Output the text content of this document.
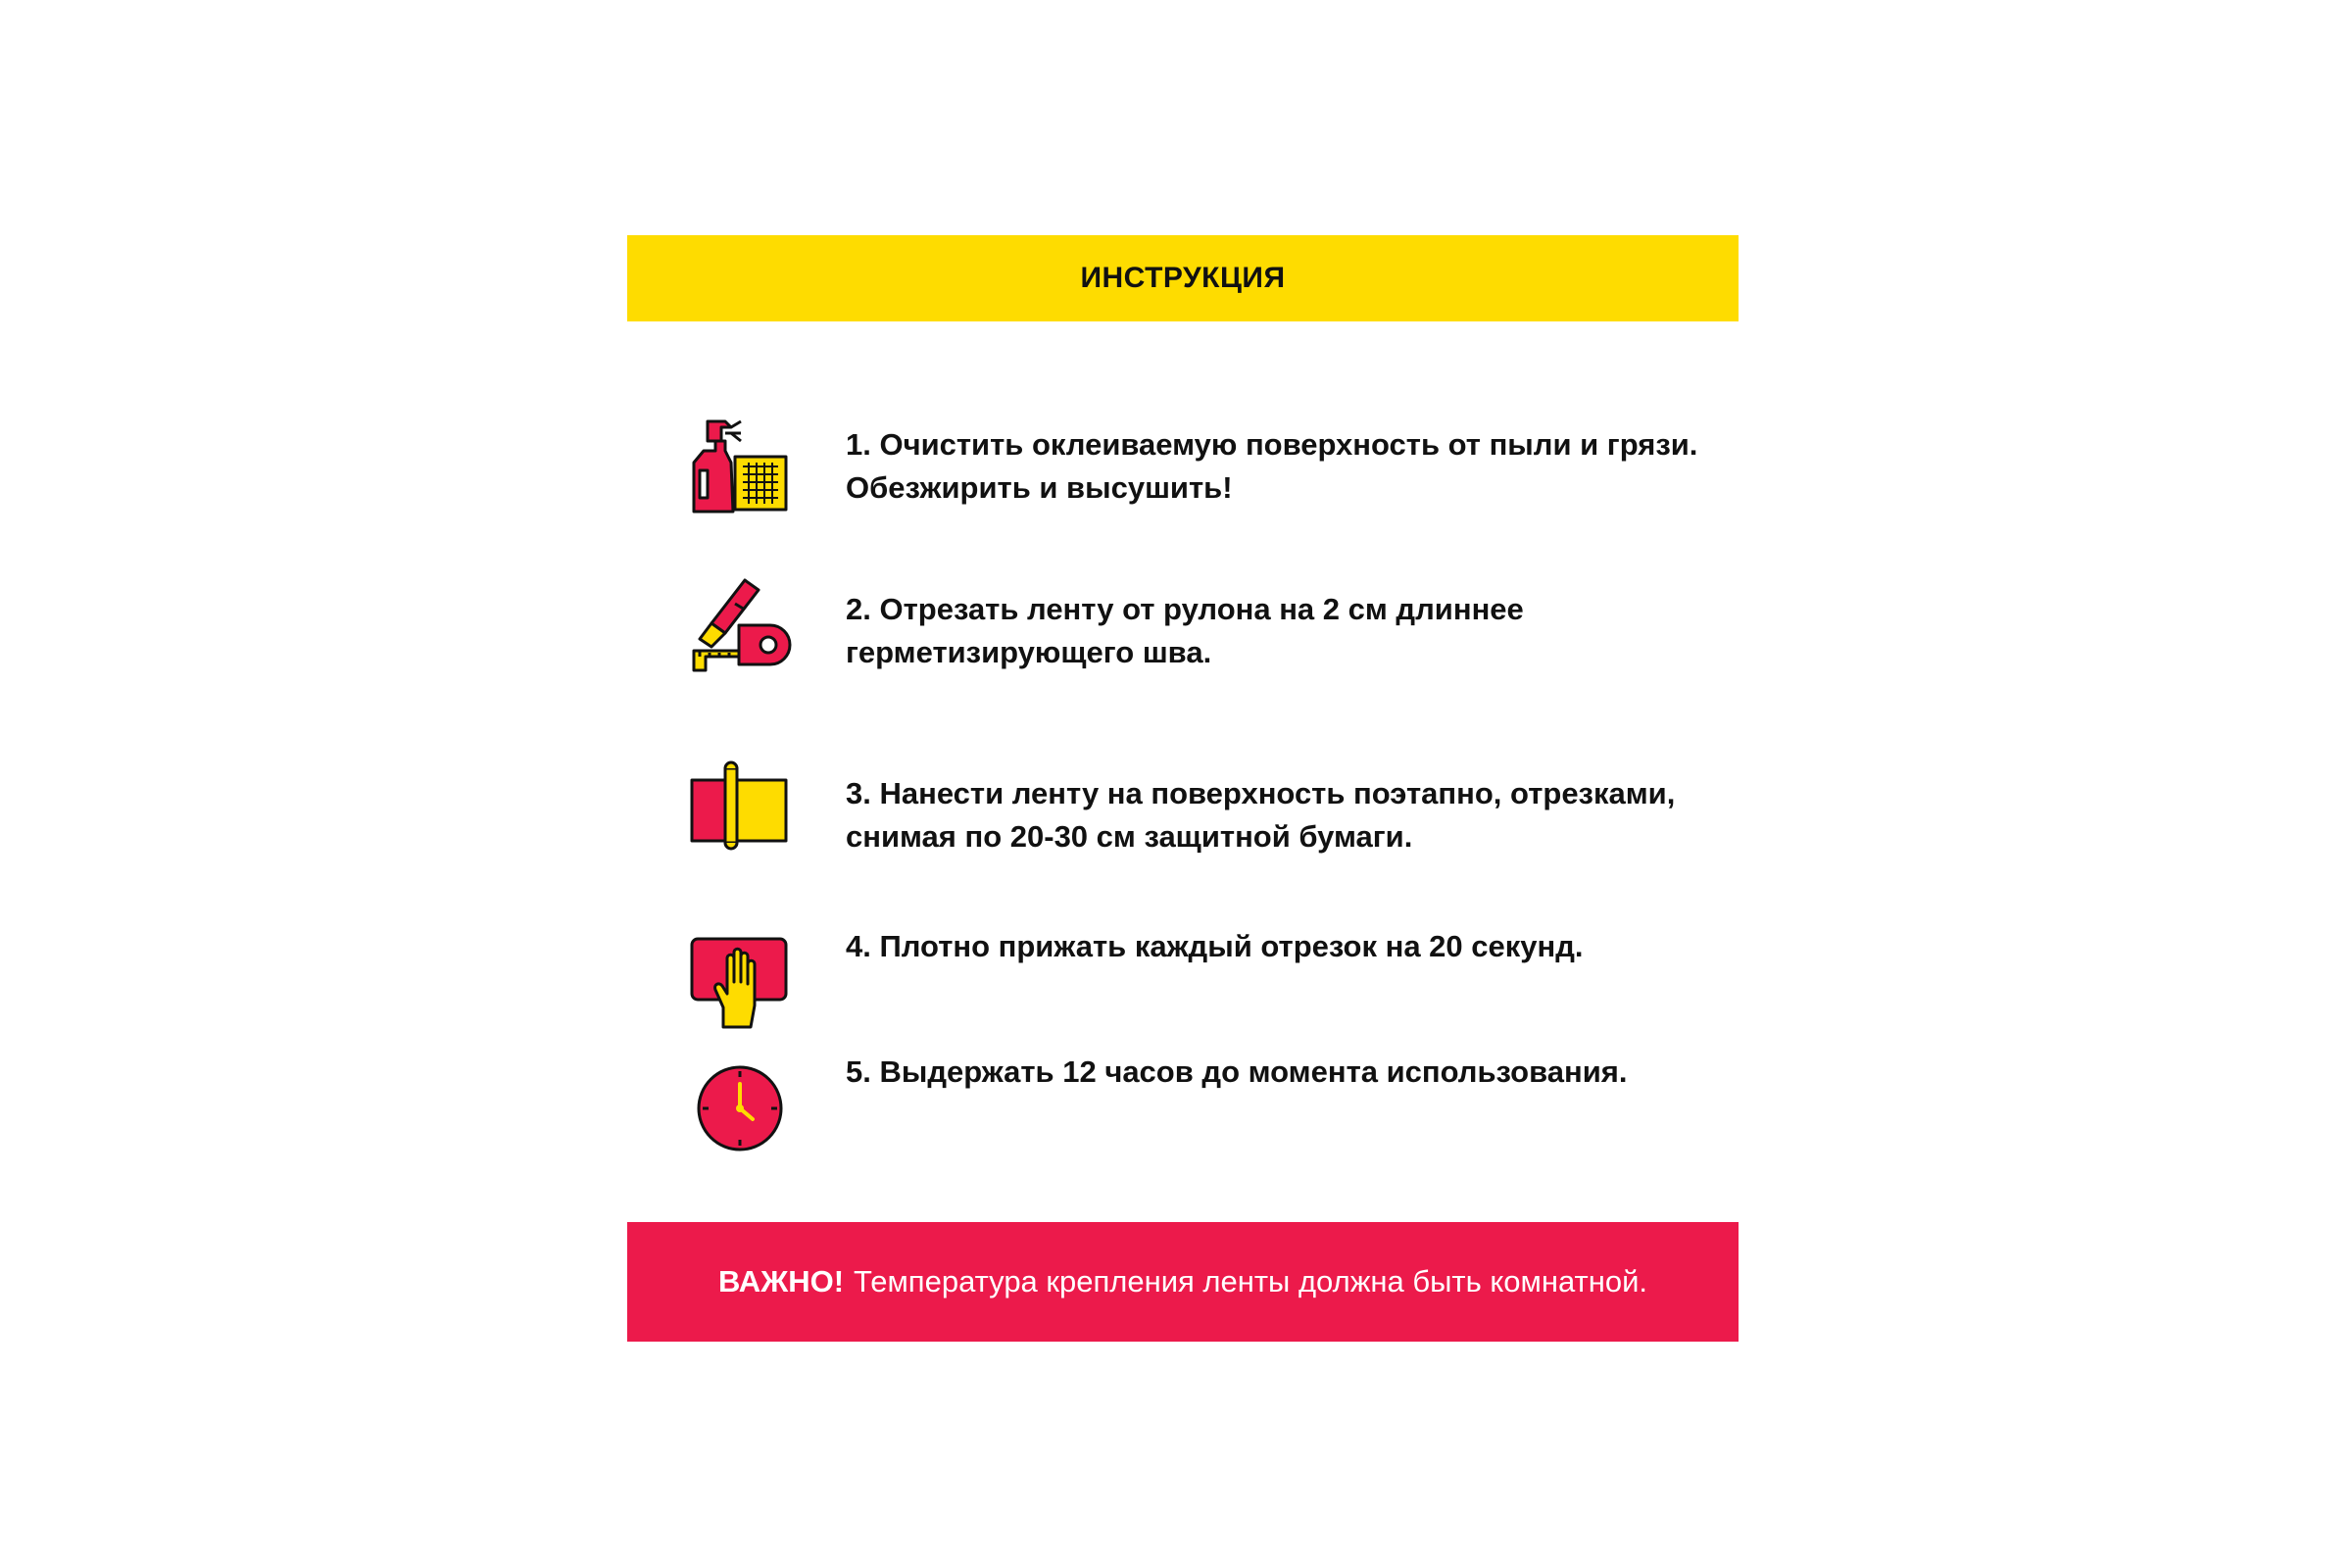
ИНСТРУКЦИЯ
1. Очистить оклеиваемую поверхность от пыли и грязи.
Обезжирить и высушить!
2. Отрезать ленту от рулона на 2 см длиннее
герметизирующего шва.
3. Нанести ленту на поверхность поэтапно, отрезками,
снимая по 20-30 см защитной бумаги.
4. Плотно прижать каждый отрезок на 20 секунд.
5. Выдержать 12 часов до момента использования.
ВАЖНО! Температура крепления ленты должна быть комнатной.
